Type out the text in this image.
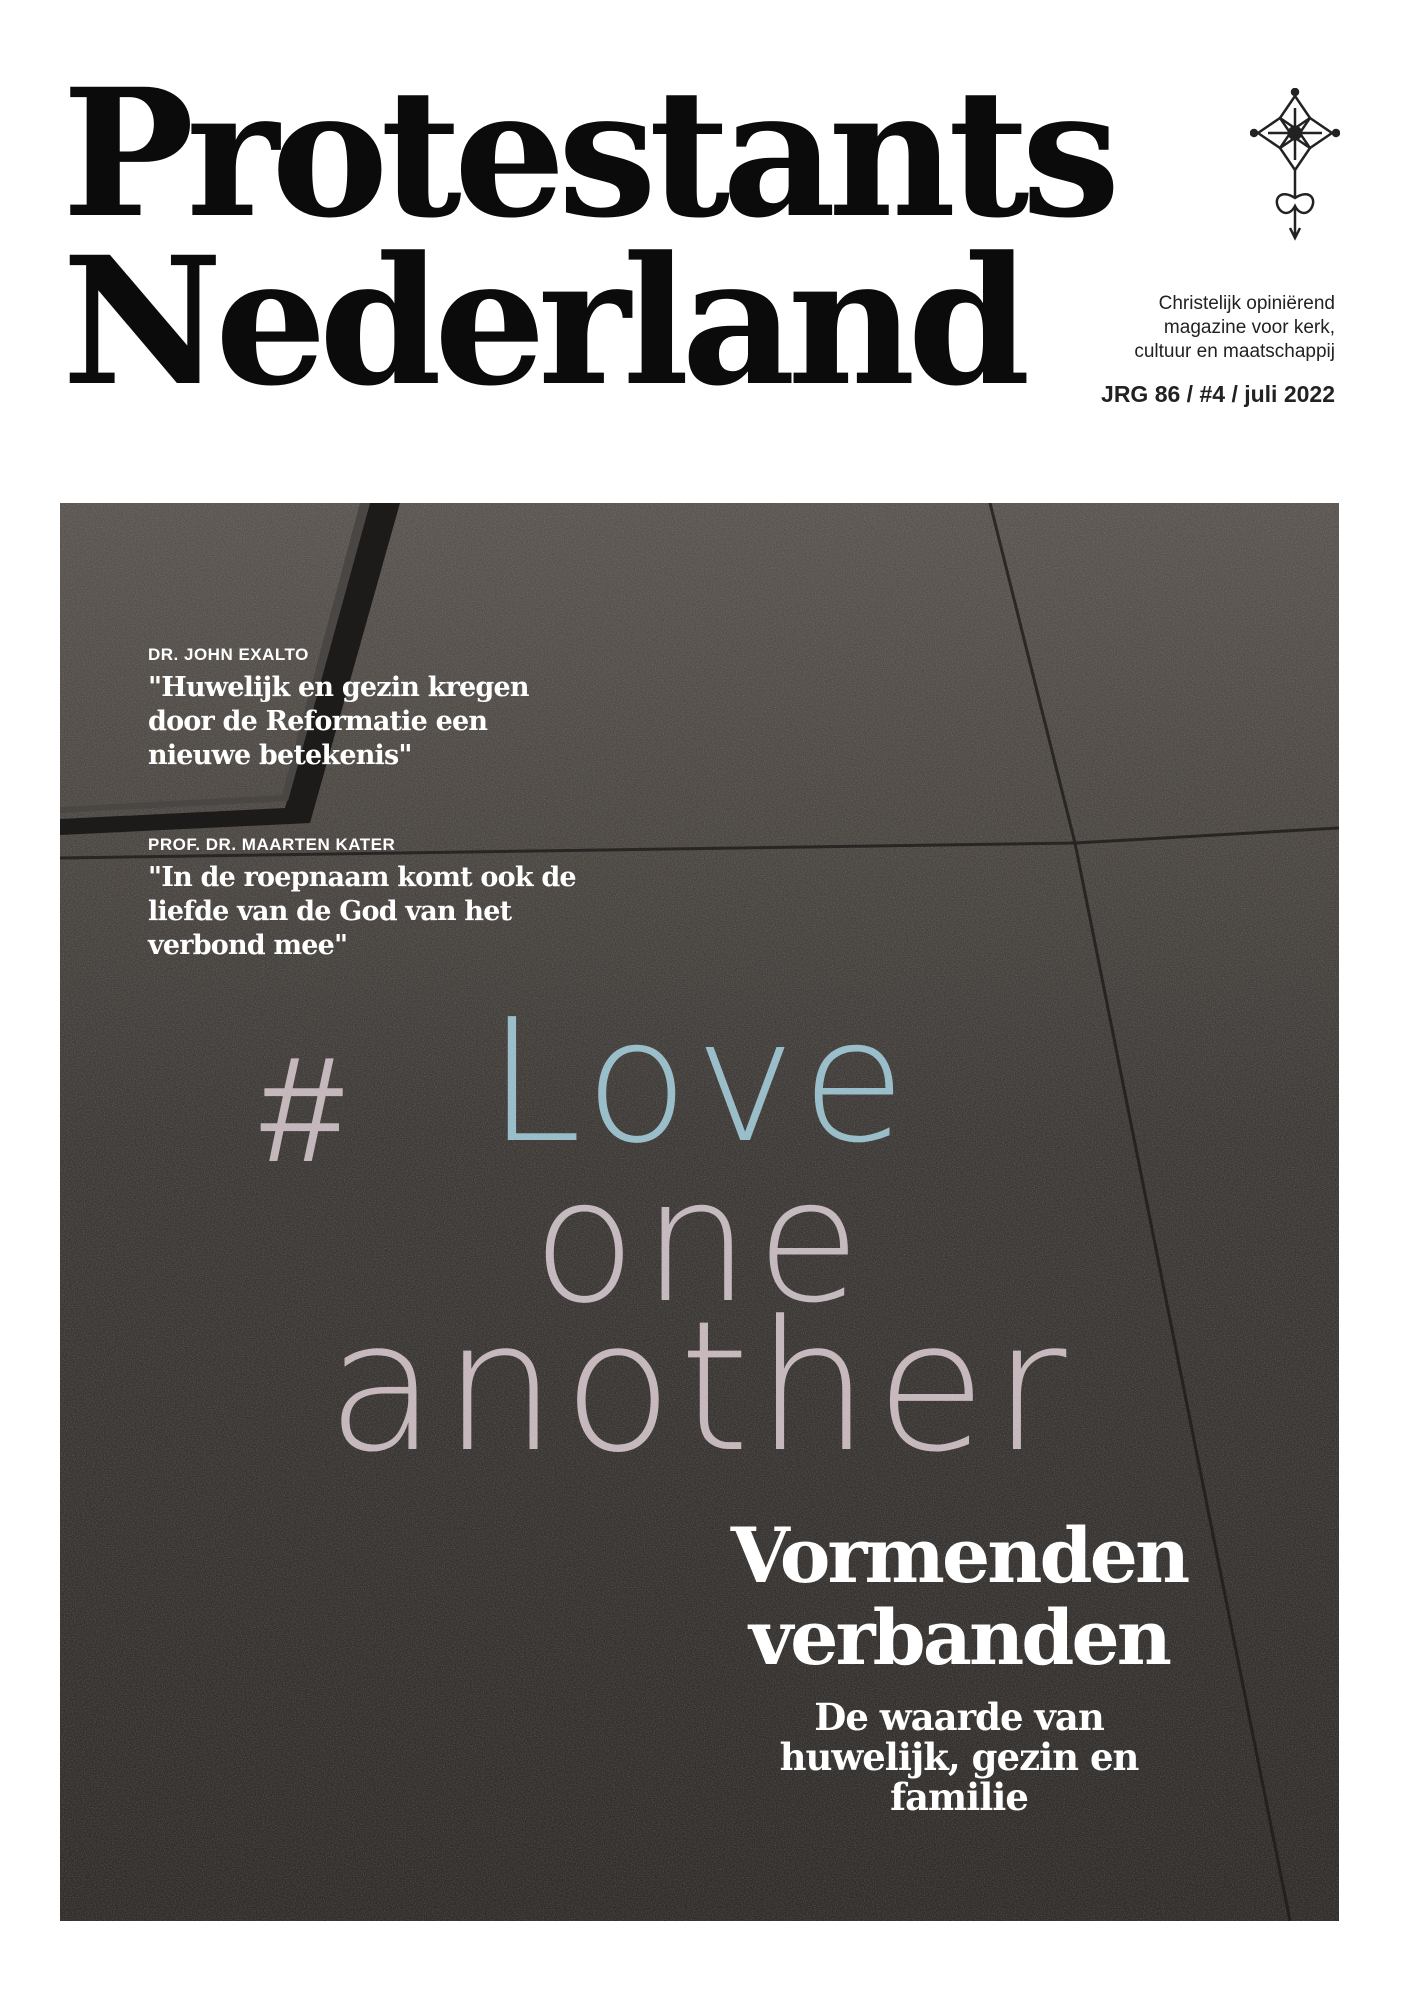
Protestants
Nederland	Christelijk opiniërend
magazine voor kerk,
cultuur en maatschappij
JRG 86 / #4 / juli 2022
DR. JOHN EXALTO
"Huwelijk en gezin kregen door de Reformatie een nieuwe betekenis"
PROF. DR. MAARTEN KATER
"In de roepnaam komt ook de liefde van de God van het verbond mee"
# Love
one
another
Vormenden
verbanden
De waarde van
huwelijk, gezin en
familie
